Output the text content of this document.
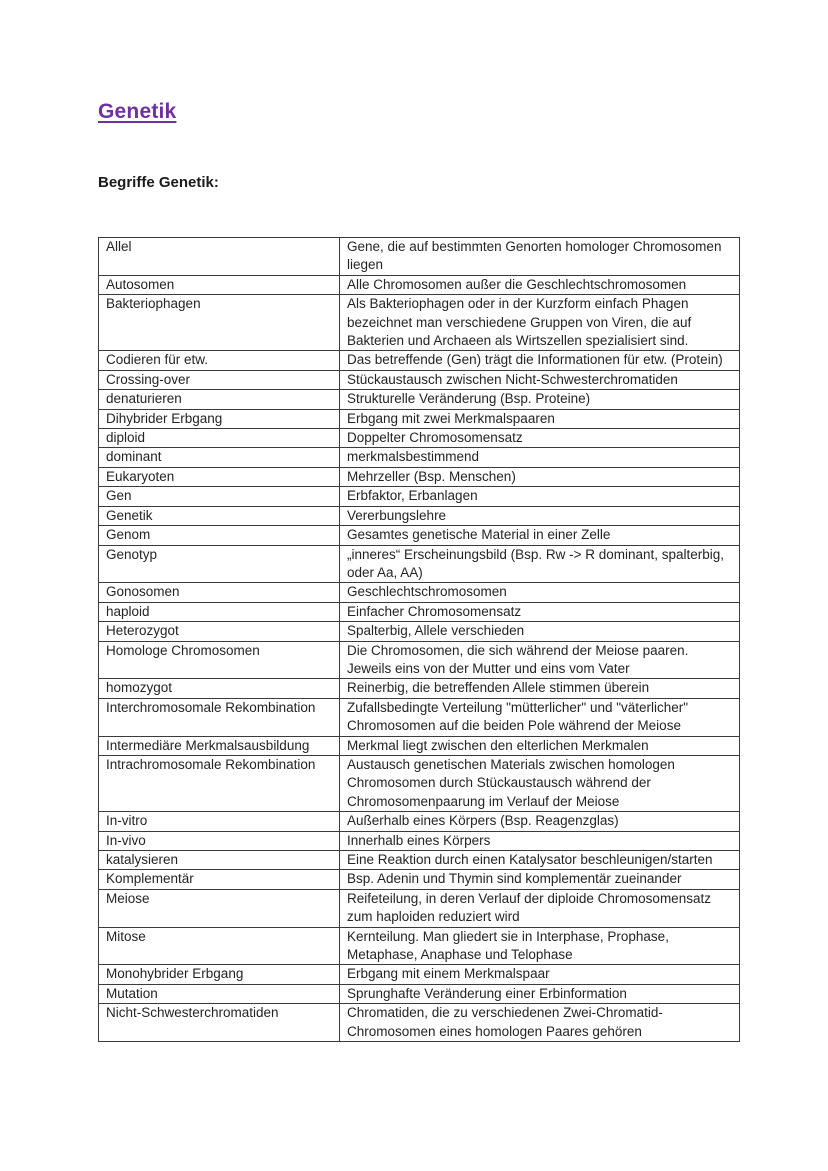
Genetik
Begriffe Genetik:
Allel	Gene, die auf bestimmten Genorten homologer Chromosomen liegen
Autosomen	Alle Chromosomen außer die Geschlechtschromosomen
Bakteriophagen	Als Bakteriophagen oder in der Kurzform einfach Phagen bezeichnet man verschiedene Gruppen von Viren, die auf Bakterien und Archaeen als Wirtszellen spezialisiert sind.
Codieren für etw.	Das betreffende (Gen) trägt die Informationen für etw. (Protein)
Crossing-over	Stückaustausch zwischen Nicht-Schwesterchromatiden
denaturieren	Strukturelle Veränderung (Bsp. Proteine)
Dihybrider Erbgang	Erbgang mit zwei Merkmalspaaren
diploid	Doppelter Chromosomensatz
dominant	merkmalsbestimmend
Eukaryoten	Mehrzeller (Bsp. Menschen)
Gen	Erbfaktor, Erbanlagen
Genetik	Vererbungslehre
Genom	Gesamtes genetische Material in einer Zelle
Genotyp	„inneres“ Erscheinungsbild (Bsp. Rw -> R dominant, spalterbig, oder Aa, AA)
Gonosomen	Geschlechtschromosomen
haploid	Einfacher Chromosomensatz
Heterozygot	Spalterbig, Allele verschieden
Homologe Chromosomen	Die Chromosomen, die sich während der Meiose paaren. Jeweils eins von der Mutter und eins vom Vater
homozygot	Reinerbig, die betreffenden Allele stimmen überein
Interchromosomale Rekombination	Zufallsbedingte Verteilung "mütterlicher" und "väterlicher" Chromosomen auf die beiden Pole während der Meiose
Intermediäre Merkmalsausbildung	Merkmal liegt zwischen den elterlichen Merkmalen
Intrachromosomale Rekombination	Austausch genetischen Materials zwischen homologen Chromosomen durch Stückaustausch während der Chromosomenpaarung im Verlauf der Meiose
In-vitro	Außerhalb eines Körpers (Bsp. Reagenzglas)
In-vivo	Innerhalb eines Körpers
katalysieren	Eine Reaktion durch einen Katalysator beschleunigen/starten
Komplementär	Bsp. Adenin und Thymin sind komplementär zueinander
Meiose	Reifeteilung, in deren Verlauf der diploide Chromosomensatz zum haploiden reduziert wird
Mitose	Kernteilung. Man gliedert sie in Interphase, Prophase, Metaphase, Anaphase und Telophase
Monohybrider Erbgang	Erbgang mit einem Merkmalspaar
Mutation	Sprunghafte Veränderung einer Erbinformation
Nicht-Schwesterchromatiden	Chromatiden, die zu verschiedenen Zwei-Chromatid-Chromosomen eines homologen Paares gehören
